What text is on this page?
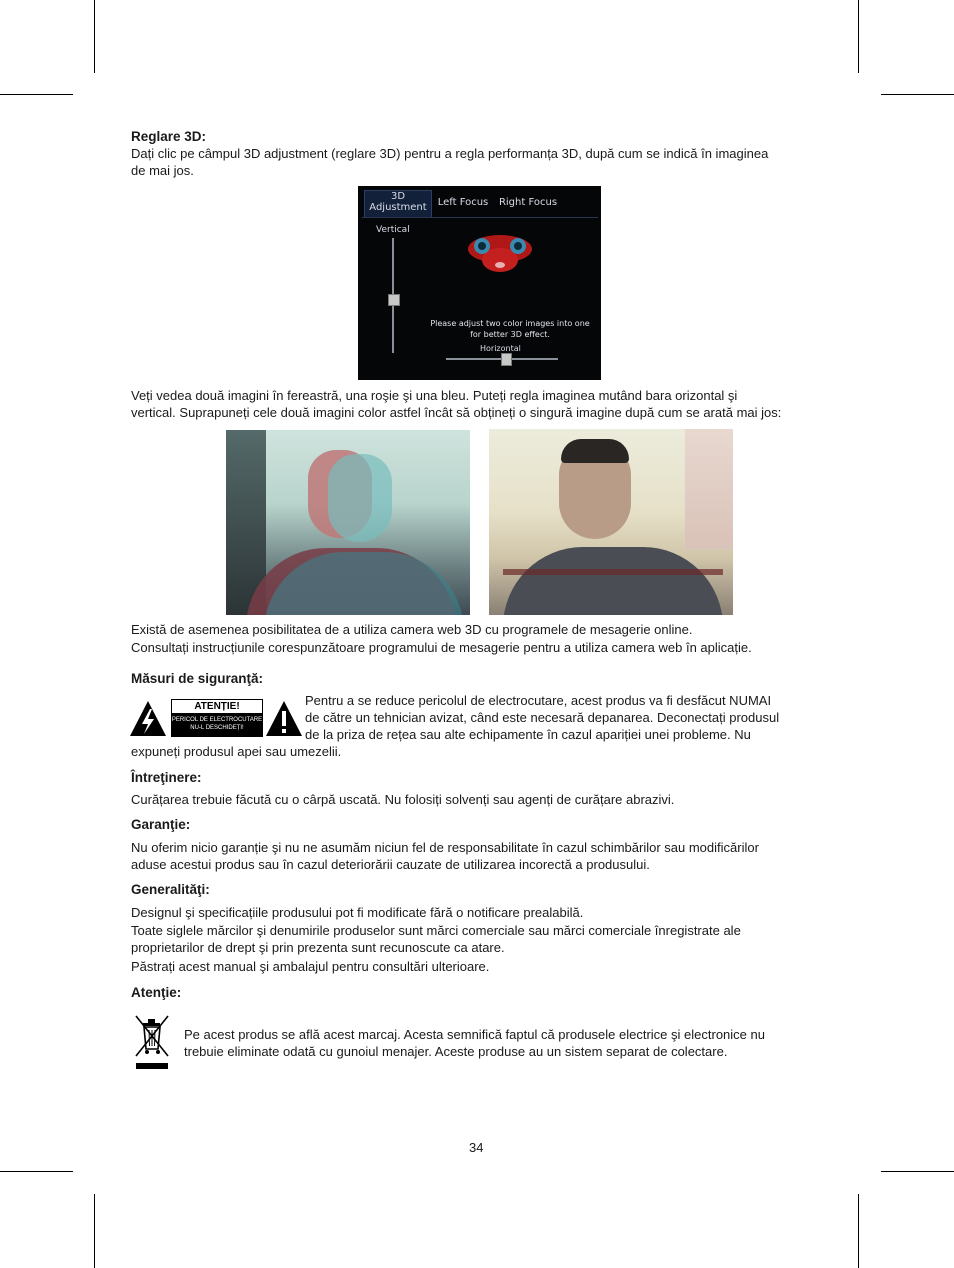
Reglare 3D:
Dați clic pe câmpul 3D adjustment (reglare 3D) pentru a regla performanța 3D, după cum se indică în imaginea
de mai jos.
3D
Adjustment	Left Focus	Right Focus
Vertical
Please adjust two color images into one
for better 3D effect.
Horizontal
Veți vedea două imagini în fereastră, una roşie şi una bleu. Puteți regla imaginea mutând bara orizontal şi
vertical. Suprapuneți cele două imagini color astfel încât să obțineți o singură imagine după cum se arată mai jos:
Există de asemenea posibilitatea de a utiliza camera web 3D cu programele de mesagerie online.
Consultați instrucțiunile corespunzătoare programului de mesagerie pentru a utiliza camera web în aplicație.
Măsuri de siguranţă:
ATENȚIE!
PERICOL DE ELECTROCUTARE
NU-L DESCHIDEȚI!
Pentru a se reduce pericolul de electrocutare, acest produs va fi desfăcut NUMAI
de către un tehnician avizat, când este necesară depanarea. Deconectați produsul
de la priza de rețea sau alte echipamente în cazul apariției unei probleme. Nu
expuneți produsul apei sau umezelii.
Întreţinere:
Curățarea trebuie făcută cu o cârpă uscată. Nu folosiți solvenți sau agenți de curățare abrazivi.
Garanţie:
Nu oferim nicio garanție şi nu ne asumăm niciun fel de responsabilitate în cazul schimbărilor sau modificărilor
aduse acestui produs sau în cazul deteriorării cauzate de utilizarea incorectă a produsului.
Generalităţi:
Designul şi specificațiile produsului pot fi modificate fără o notificare prealabilă.
Toate siglele mărcilor şi denumirile produselor sunt mărci comerciale sau mărci comerciale înregistrate ale
proprietarilor de drept şi prin prezenta sunt recunoscute ca atare.
Păstrați acest manual şi ambalajul pentru consultări ulterioare.
Atenţie:
Pe acest produs se află acest marcaj. Acesta semnifică faptul că produsele electrice şi electronice nu
trebuie eliminate odată cu gunoiul menajer. Aceste produse au un sistem separat de colectare.
34
